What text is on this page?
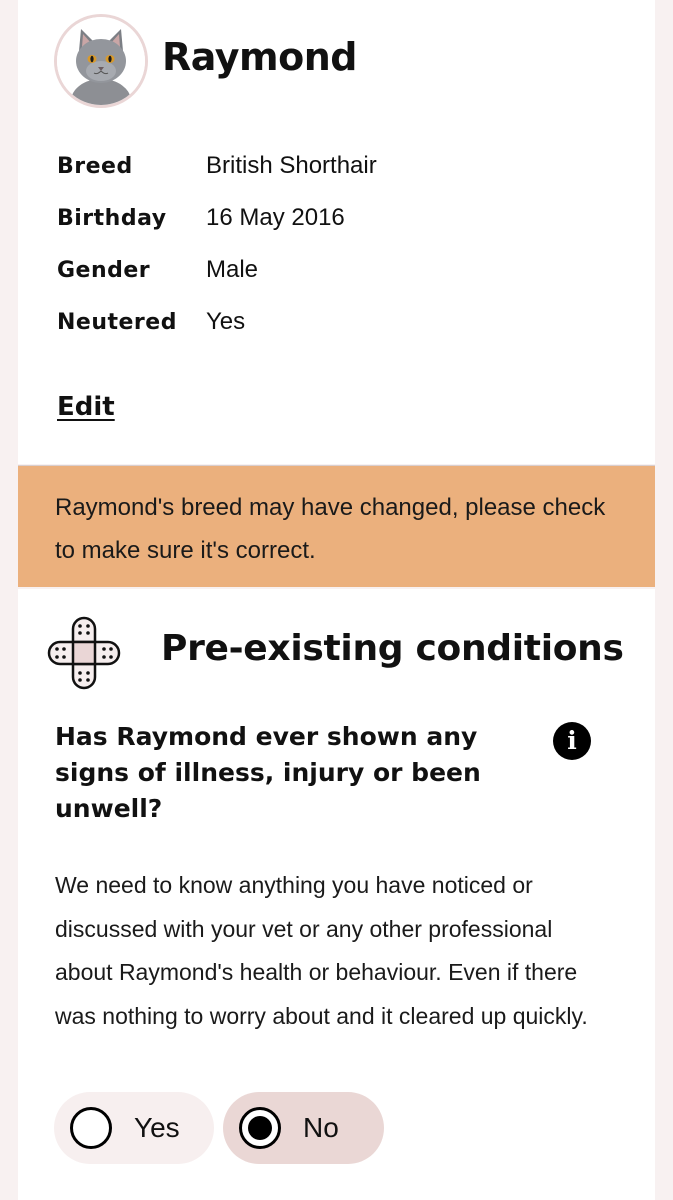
Raymond
Breed	British Shorthair
Birthday	16 May 2016
Gender	Male
Neutered	Yes
Edit
Raymond's breed may have changed, please check to make sure it's correct.
Pre-existing conditions
Has Raymond ever shown any signs of illness, injury or been unwell?
i
We need to know anything you have noticed or discussed with your vet or any other professional about Raymond's health or behaviour. Even if there was nothing to worry about and it cleared up quickly.
Yes	No
